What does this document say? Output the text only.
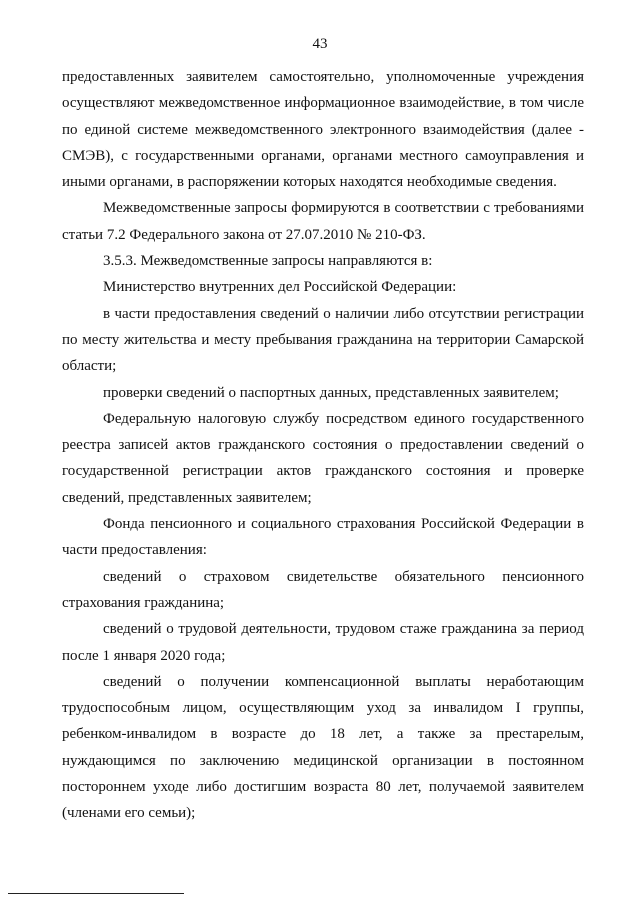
43

предоставленных заявителем самостоятельно, уполномоченные учреждения осуществляют межведомственное информационное взаимодействие, в том числе по единой системе межведомственного электронного взаимодействия (далее - СМЭВ), с государственными органами, органами местного самоуправления и иными органами, в распоряжении которых находятся необходимые сведения.

Межведомственные запросы формируются в соответствии с требованиями статьи 7.2 Федерального закона от 27.07.2010 № 210-ФЗ.

3.5.3. Межведомственные запросы направляются в:

Министерство внутренних дел Российской Федерации:

в части предоставления сведений о наличии либо отсутствии регистрации по месту жительства и месту пребывания гражданина на территории Самарской области;

проверки сведений о паспортных данных, представленных заявителем;

Федеральную налоговую службу посредством единого государственного реестра записей актов гражданского состояния о предоставлении сведений о государственной регистрации актов гражданского состояния и проверке сведений, представленных заявителем;

Фонда пенсионного и социального страхования Российской Федерации в части предоставления:

сведений о страховом свидетельстве обязательного пенсионного страхования гражданина;

сведений о трудовой деятельности, трудовом стаже гражданина за период после 1 января 2020 года;

сведений о получении компенсационной выплаты неработающим трудоспособным лицом, осуществляющим уход за инвалидом I группы, ребенком-инвалидом в возрасте до 18 лет, а также за престарелым, нуждающимся по заключению медицинской организации в постоянном постороннем уходе либо достигшим возраста 80 лет, получаемой заявителем (членами его семьи);
